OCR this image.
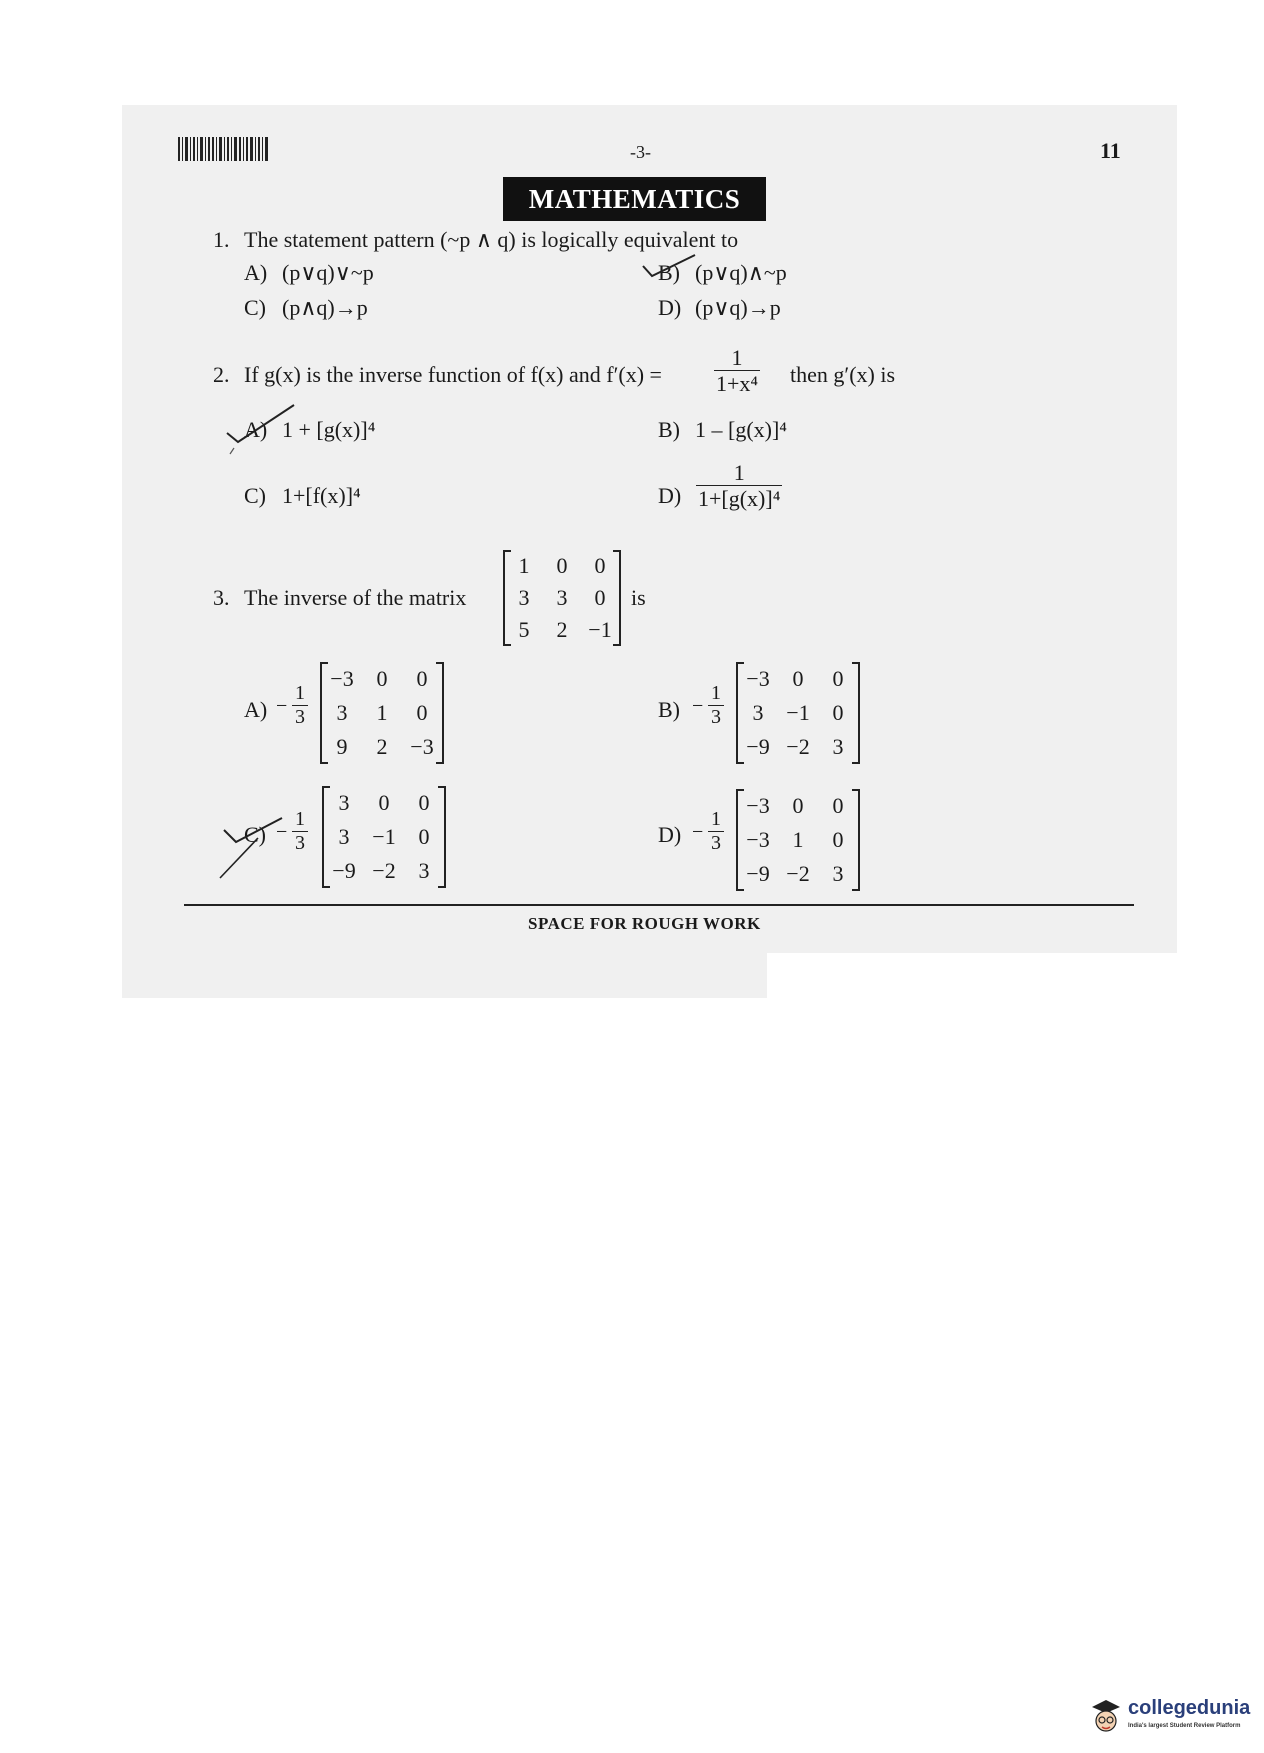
-3-	11
MATHEMATICS
1. The statement pattern (~p ∧ q) is logically equivalent to
A) (p∨q)∨~p	B) (p∨q)∧~p
C) (p∧q)→p	D) (p∨q)→p
2. If g(x) is the inverse function of f(x) and $f'(x) = \frac{1}{\text{1+x⁴}}$ then g′(x) is
A) 1 + [g(x)]⁴	B) 1 – [g(x)]⁴
C) 1+[f(x)]⁴	$D) \frac{1}{\text{1+[g(x)]⁴}}$
3. The inverse of the matrix
1	0	0
3	3	0
5	2	−1
is
A) −
1
3
−3	0	0
3	1	0
9	2	−3
B) −
1
3
−3	0	0
3	−1	0
−9	−2	3
C) −
1
3
3	0	0
3	−1	0
−9	−2	3
D) −
1
3
−3	0	0
−3	1	0
−9	−2	3
SPACE FOR ROUGH WORK
collegedunia
India's largest Student Review Platform
